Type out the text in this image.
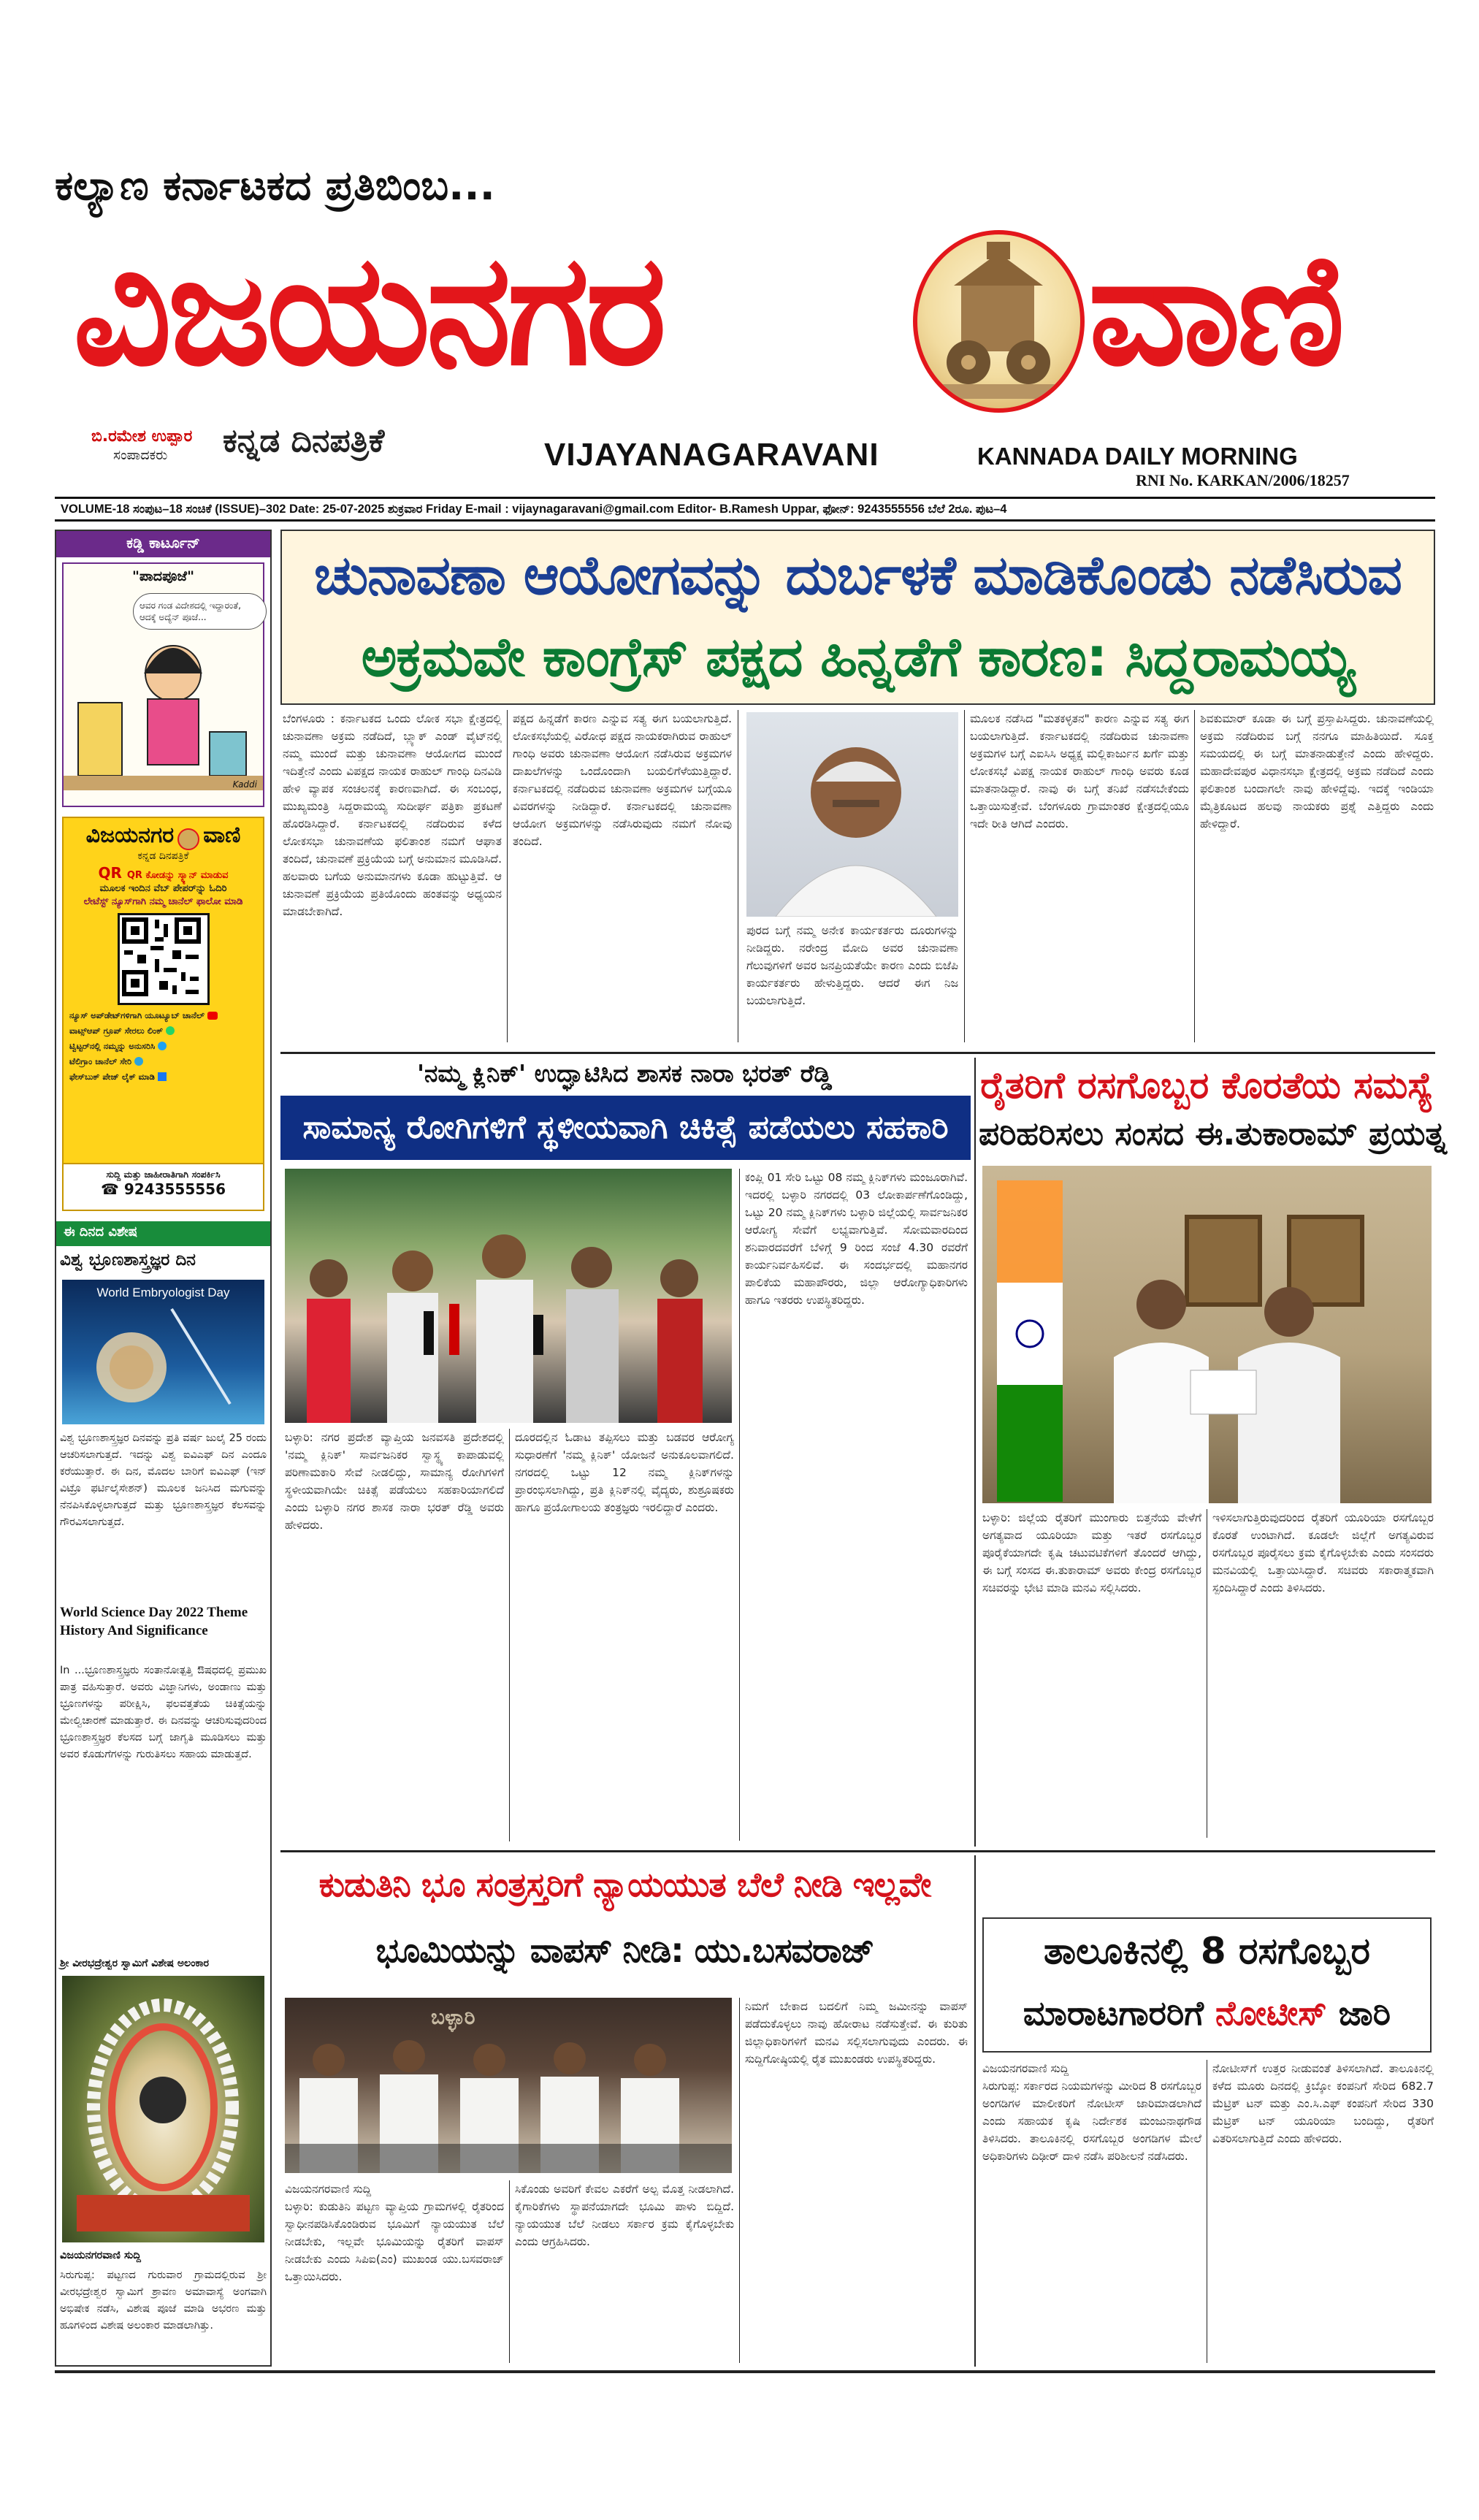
ಕಲ್ಯಾಣ ಕರ್ನಾಟಕದ ಪ್ರತಿಬಿಂಬ...
ವಿಜಯನಗರ	ವಾಣಿ
ಬಿ.ರಮೇಶ ಉಪ್ಪಾರ
ಸಂಪಾದಕರು ಕನ್ನಡ ದಿನಪತ್ರಿಕೆ	VIJAYANAGARAVANI	KANNADA DAILY MORNING
RNI No. KARKAN/2006/18257
VOLUME-18 ಸಂಪುಟ–18 ಸಂಚಿಕೆ (ISSUE)–302 Date: 25-07-2025 ಶುಕ್ರವಾರ Friday E-mail : vijaynagaravani@gmail.com Editor- B.Ramesh Uppar, ಫೋನ್: 9243555556 ಬೆಲೆ 2ರೂ. ಪುಟ–4
ಕಡ್ಡಿ ಕಾರ್ಟೂನ್
"ಪಾದಪೂಜೆ"
ಆವರ ಗಂಡ ವಿದೇಶದಲ್ಲಿ ಇದ್ದಾರಂತೆ, ಆದಕ್ಕೆ ಅದ್ಯೆನ್ ಪೂಜೆ...
Kaddi
ವಿಜಯನಗರ ವಾಣಿ
ಕನ್ನಡ ದಿನಪತ್ರಿಕೆ
QR QR ಕೋಡನ್ನು ಸ್ಕ್ಯಾನ್ ಮಾಡುವ
ಮೂಲಕ ಇಂದಿನ ವೆಬ್ ಪೇಪರ್‌ನ್ನು ಓದಿರಿ
ಲೇಟೆಸ್ಟ್ ನ್ಯೂಸ್‌ಗಾಗಿ ನಮ್ಮ ಚಾನೆಲ್ ಫಾಲೋ ಮಾಡಿ
ನ್ಯೂಸ್ ಅಪ್‌ಡೇಟ್‌ಗಳಿಗಾಗಿ ಯೂಟ್ಯೂಬ್ ಚಾನೆಲ್
ವಾಟ್ಸ್‌ಆಪ್ ಗ್ರೂಪ್ ಸೇರಲು ಲಿಂಕ್
ಟ್ವಿಟ್ಟರ್‌ನಲ್ಲಿ ನಮ್ಮನ್ನು ಅನುಸರಿಸಿ
ಟೆಲಿಗ್ರಾಂ ಚಾನೆಲ್ ಸೇರಿ
ಫೇಸ್‌ಬುಕ್ ಪೇಜ್ ಲೈಕ್ ಮಾಡಿ
ಸುದ್ದಿ ಮತ್ತು ಜಾಹೀರಾತಿಗಾಗಿ ಸಂಪರ್ಕಿಸಿ
☎ 9243555556
ಈ ದಿನದ ವಿಶೇಷ
ವಿಶ್ವ ಭ್ರೂಣಶಾಸ್ತ್ರಜ್ಞರ ದಿನ
World Embryologist Day
ವಿಶ್ವ ಭ್ರೂಣಶಾಸ್ತ್ರಜ್ಞರ ದಿನವನ್ನು ಪ್ರತಿ ವರ್ಷ ಜುಲೈ 25 ರಂದು ಆಚರಿಸಲಾಗುತ್ತದೆ. ಇದನ್ನು ವಿಶ್ವ ಐವಿಎಫ್ ದಿನ ಎಂದೂ ಕರೆಯುತ್ತಾರೆ. ಈ ದಿನ, ಮೊದಲ ಬಾರಿಗೆ ಐವಿಎಫ್ (ಇನ್ ವಿಟ್ರೊ ಫರ್ಟಿಲೈಸೇಶನ್) ಮೂಲಕ ಜನಿಸಿದ ಮಗುವನ್ನು ನೆನಪಿಸಿಕೊಳ್ಳಲಾಗುತ್ತದೆ ಮತ್ತು ಭ್ರೂಣಶಾಸ್ತ್ರಜ್ಞರ ಕೆಲಸವನ್ನು ಗೌರವಿಸಲಾಗುತ್ತದೆ.
World Science Day 2022 Theme History And Significance
In ...ಭ್ರೂಣಶಾಸ್ತ್ರಜ್ಞರು ಸಂತಾನೋತ್ಪತ್ತಿ ಔಷಧದಲ್ಲಿ ಪ್ರಮುಖ ಪಾತ್ರ ವಹಿಸುತ್ತಾರೆ. ಅವರು ವಿಜ್ಞಾನಿಗಳು, ಅಂಡಾಣು ಮತ್ತು ಭ್ರೂಣಗಳನ್ನು ಪರೀಕ್ಷಿಸಿ, ಫಲವತ್ತತೆಯ ಚಿಕಿತ್ಸೆಯನ್ನು ಮೇಲ್ವಿಚಾರಣೆ ಮಾಡುತ್ತಾರೆ. ಈ ದಿನವನ್ನು ಆಚರಿಸುವುದರಿಂದ ಭ್ರೂಣಶಾಸ್ತ್ರಜ್ಞರ ಕೆಲಸದ ಬಗ್ಗೆ ಜಾಗೃತಿ ಮೂಡಿಸಲು ಮತ್ತು ಅವರ ಕೊಡುಗೆಗಳನ್ನು ಗುರುತಿಸಲು ಸಹಾಯ ಮಾಡುತ್ತದೆ.
ಶ್ರೀ ವೀರಭದ್ರೇಶ್ವರ ಸ್ವಾಮಿಗೆ ವಿಶೇಷ ಅಲಂಕಾರ
ವಿಜಯನಗರವಾಣಿ ಸುದ್ದಿ
ಸಿರುಗುಪ್ಪ: ಪಟ್ಟಣದ ಗುರುವಾರ ಗ್ರಾಮದಲ್ಲಿರುವ ಶ್ರೀ ವೀರಭದ್ರೇಶ್ವರ ಸ್ವಾಮಿಗೆ ಶ್ರಾವಣ ಅಮಾವಾಸ್ಯೆ ಅಂಗವಾಗಿ ಅಭಿಷೇಕ ನಡೆಸಿ, ವಿಶೇಷ ಪೂಜೆ ಮಾಡಿ ಅಭರಣ ಮತ್ತು ಹೂಗಳಿಂದ ವಿಶೇಷ ಅಲಂಕಾರ ಮಾಡಲಾಗಿತ್ತು.
ಚುನಾವಣಾ ಆಯೋಗವನ್ನು ದುರ್ಬಳಕೆ ಮಾಡಿಕೊಂಡು ನಡೆಸಿರುವ
ಅಕ್ರಮವೇ ಕಾಂಗ್ರೆಸ್ ಪಕ್ಷದ ಹಿನ್ನಡೆಗೆ ಕಾರಣ: ಸಿದ್ದರಾಮಯ್ಯ
ಬೆಂಗಳೂರು : ಕರ್ನಾಟಕದ ಒಂದು ಲೋಕ ಸಭಾ ಕ್ಷೇತ್ರದಲ್ಲಿ ಚುನಾವಣಾ ಅಕ್ರಮ ನಡೆದಿದೆ, ಬ್ಲ್ಯಾಕ್ ಎಂಡ್ ವೈಟ್‌ನಲ್ಲಿ ನಮ್ಮ ಮುಂದೆ ಮತ್ತು ಚುನಾವಣಾ ಆಯೋಗದ ಮುಂದೆ ಇದಿತ್ತೇನೆ ಎಂದು ವಿಪಕ್ಷದ ನಾಯಕ ರಾಹುಲ್ ಗಾಂಧಿ ದಿನವಿಡಿ ಹೇಳಿ ವ್ಯಾಪಕ ಸಂಚಲನಕ್ಕೆ ಕಾರಣವಾಗಿದೆ. ಈ ಸಂಬಂಧ, ಮುಖ್ಯಮಂತ್ರಿ ಸಿದ್ದರಾಮಯ್ಯ ಸುದೀರ್ಘ ಪತ್ರಿಕಾ ಪ್ರಕಟಣೆ ಹೊರಡಿಸಿದ್ದಾರೆ. ಕರ್ನಾಟಕದಲ್ಲಿ ನಡೆದಿರುವ ಕಳೆದ ಲೋಕಸಭಾ ಚುನಾವಣೆಯ ಫಲಿತಾಂಶ ನಮಗೆ ಆಘಾತ ತಂದಿದೆ, ಚುನಾವಣೆ ಪ್ರಕ್ರಿಯೆಯ ಬಗ್ಗೆ ಅನುಮಾನ ಮೂಡಿಸಿದೆ. ಹಲವಾರು ಬಗೆಯ ಅನುಮಾನಗಳು ಕೂಡಾ ಹುಟ್ಟುತ್ತಿವೆ. ಆ ಚುನಾವಣೆ ಪ್ರಕ್ರಿಯೆಯ ಪ್ರತಿಯೊಂದು ಹಂತವನ್ನು ಅಧ್ಯಯನ ಮಾಡಬೇಕಾಗಿದೆ.
ಪಕ್ಷದ ಹಿನ್ನಡೆಗೆ ಕಾರಣ ಎನ್ನುವ ಸತ್ಯ ಈಗ ಬಯಲಾಗುತ್ತಿದೆ. ಲೋಕಸಭೆಯಲ್ಲಿ ವಿರೋಧ ಪಕ್ಷದ ನಾಯಕರಾಗಿರುವ ರಾಹುಲ್ ಗಾಂಧಿ ಅವರು ಚುನಾವಣಾ ಆಯೋಗ ನಡೆಸಿರುವ ಅಕ್ರಮಗಳ ದಾಖಲೆಗಳನ್ನು ಒಂದೊಂದಾಗಿ ಬಯಲಿಗೆಳೆಯುತ್ತಿದ್ದಾರೆ. ಕರ್ನಾಟಕದಲ್ಲಿ ನಡೆದಿರುವ ಚುನಾವಣಾ ಅಕ್ರಮಗಳ ಬಗ್ಗೆಯೂ ವಿವರಗಳನ್ನು ನೀಡಿದ್ದಾರೆ. ಕರ್ನಾಟಕದಲ್ಲಿ ಚುನಾವಣಾ ಆಯೋಗ ಅಕ್ರಮಗಳನ್ನು ನಡೆಸಿರುವುದು ನಮಗೆ ನೋವು ತಂದಿದೆ.
ಪುರದ ಬಗ್ಗೆ ನಮ್ಮ ಅನೇಕ ಕಾರ್ಯಕರ್ತರು ದೂರುಗಳನ್ನು ನೀಡಿದ್ದರು. ನರೇಂದ್ರ ಮೋದಿ ಅವರ ಚುನಾವಣಾ ಗೆಲುವುಗಳಿಗೆ ಅವರ ಜನಪ್ರಿಯತೆಯೇ ಕಾರಣ ಎಂದು ಬಿಜೆಪಿ ಕಾರ್ಯಕರ್ತರು ಹೇಳುತ್ತಿದ್ದರು. ಆದರೆ ಈಗ ನಿಜ ಬಯಲಾಗುತ್ತಿದೆ.
ಮೂಲಕ ನಡೆಸಿದ "ಮತಕಳ್ಳತನ" ಕಾರಣ ಎನ್ನುವ ಸತ್ಯ ಈಗ ಬಯಲಾಗುತ್ತಿದೆ. ಕರ್ನಾಟಕದಲ್ಲಿ ನಡೆದಿರುವ ಚುನಾವಣಾ ಅಕ್ರಮಗಳ ಬಗ್ಗೆ ಎಐಸಿಸಿ ಅಧ್ಯಕ್ಷ ಮಲ್ಲಿಕಾರ್ಜುನ ಖರ್ಗೆ ಮತ್ತು ಲೋಕಸಭೆ ವಿಪಕ್ಷ ನಾಯಕ ರಾಹುಲ್ ಗಾಂಧಿ ಅವರು ಕೂಡ ಮಾತನಾಡಿದ್ದಾರೆ. ನಾವು ಈ ಬಗ್ಗೆ ತನಿಖೆ ನಡೆಸಬೇಕೆಂದು ಒತ್ತಾಯಿಸುತ್ತೇವೆ. ಬೆಂಗಳೂರು ಗ್ರಾಮಾಂತರ ಕ್ಷೇತ್ರದಲ್ಲಿಯೂ ಇದೇ ರೀತಿ ಆಗಿದೆ ಎಂದರು.
ಶಿವಕುಮಾರ್ ಕೂಡಾ ಈ ಬಗ್ಗೆ ಪ್ರಸ್ತಾಪಿಸಿದ್ದರು. ಚುನಾವಣೆಯಲ್ಲಿ ಅಕ್ರಮ ನಡೆದಿರುವ ಬಗ್ಗೆ ನನಗೂ ಮಾಹಿತಿಯಿದೆ. ಸೂಕ್ತ ಸಮಯದಲ್ಲಿ ಈ ಬಗ್ಗೆ ಮಾತನಾಡುತ್ತೇನೆ ಎಂದು ಹೇಳಿದ್ದರು. ಮಹಾದೇವಪುರ ವಿಧಾನಸಭಾ ಕ್ಷೇತ್ರದಲ್ಲಿ ಅಕ್ರಮ ನಡೆದಿದೆ ಎಂದು ಫಲಿತಾಂಶ ಬಂದಾಗಲೇ ನಾವು ಹೇಳಿದ್ದೆವು. ಇದಕ್ಕೆ ಇಂಡಿಯಾ ಮೈತ್ರಿಕೂಟದ ಹಲವು ನಾಯಕರು ಪ್ರಶ್ನೆ ಎತ್ತಿದ್ದರು ಎಂದು ಹೇಳಿದ್ದಾರೆ.
'ನಮ್ಮ ಕ್ಲಿನಿಕ್' ಉದ್ಘಾಟಿಸಿದ ಶಾಸಕ ನಾರಾ ಭರತ್ ರೆಡ್ಡಿ
ಸಾಮಾನ್ಯ ರೋಗಿಗಳಿಗೆ ಸ್ಥಳೀಯವಾಗಿ ಚಿಕಿತ್ಸೆ ಪಡೆಯಲು ಸಹಕಾರಿ
ಬಳ್ಳಾರಿ: ನಗರ ಪ್ರದೇಶ ವ್ಯಾಪ್ತಿಯ ಜನವಸತಿ ಪ್ರದೇಶದಲ್ಲಿ 'ನಮ್ಮ ಕ್ಲಿನಿಕ್' ಸಾರ್ವಜನಿಕರ ಸ್ವಾಸ್ಥ್ಯ ಕಾಪಾಡುವಲ್ಲಿ ಪರಿಣಾಮಕಾರಿ ಸೇವೆ ನೀಡಲಿದ್ದು, ಸಾಮಾನ್ಯ ರೋಗಿಗಳಿಗೆ ಸ್ಥಳೀಯವಾಗಿಯೇ ಚಿಕಿತ್ಸೆ ಪಡೆಯಲು ಸಹಕಾರಿಯಾಗಲಿದೆ ಎಂದು ಬಳ್ಳಾರಿ ನಗರ ಶಾಸಕ ನಾರಾ ಭರತ್ ರೆಡ್ಡಿ ಅವರು ಹೇಳಿದರು.
ದೂರದಲ್ಲಿನ ಓಡಾಟ ತಪ್ಪಿಸಲು ಮತ್ತು ಬಡವರ ಆರೋಗ್ಯ ಸುಧಾರಣೆಗೆ 'ನಮ್ಮ ಕ್ಲಿನಿಕ್' ಯೋಜನೆ ಅನುಕೂಲವಾಗಲಿದೆ. ನಗರದಲ್ಲಿ ಒಟ್ಟು 12 ನಮ್ಮ ಕ್ಲಿನಿಕ್‌ಗಳನ್ನು ಪ್ರಾರಂಭಿಸಲಾಗಿದ್ದು, ಪ್ರತಿ ಕ್ಲಿನಿಕ್‌ನಲ್ಲಿ ವೈದ್ಯರು, ಶುಶ್ರೂಷಕರು ಹಾಗೂ ಪ್ರಯೋಗಾಲಯ ತಂತ್ರಜ್ಞರು ಇರಲಿದ್ದಾರೆ ಎಂದರು.
ಕಂಪ್ಲಿ 01 ಸೇರಿ ಒಟ್ಟು 08 ನಮ್ಮ ಕ್ಲಿನಿಕ್‌ಗಳು ಮಂಜೂರಾಗಿವೆ. ಇದರಲ್ಲಿ ಬಳ್ಳಾರಿ ನಗರದಲ್ಲಿ 03 ಲೋಕಾರ್ಪಣೆಗೊಂಡಿದ್ದು, ಒಟ್ಟು 20 ನಮ್ಮ ಕ್ಲಿನಿಕ್‌ಗಳು ಬಳ್ಳಾರಿ ಜಿಲ್ಲೆಯಲ್ಲಿ ಸಾರ್ವಜನಿಕರ ಆರೋಗ್ಯ ಸೇವೆಗೆ ಲಭ್ಯವಾಗುತ್ತಿವೆ. ಸೋಮವಾರದಿಂದ ಶನಿವಾರದವರೆಗೆ ಬೆಳಿಗ್ಗೆ 9 ರಿಂದ ಸಂಜೆ 4.30 ರವರೆಗೆ ಕಾರ್ಯನಿರ್ವಹಿಸಲಿವೆ. ಈ ಸಂದರ್ಭದಲ್ಲಿ ಮಹಾನಗರ ಪಾಲಿಕೆಯ ಮಹಾಪೌರರು, ಜಿಲ್ಲಾ ಆರೋಗ್ಯಾಧಿಕಾರಿಗಳು ಹಾಗೂ ಇತರರು ಉಪಸ್ಥಿತರಿದ್ದರು.
ರೈತರಿಗೆ ರಸಗೊಬ್ಬರ ಕೊರತೆಯ ಸಮಸ್ಯೆ
ಪರಿಹರಿಸಲು ಸಂಸದ ಈ.ತುಕಾರಾಮ್ ಪ್ರಯತ್ನ
ಬಳ್ಳಾರಿ: ಜಿಲ್ಲೆಯ ರೈತರಿಗೆ ಮುಂಗಾರು ಬಿತ್ತನೆಯ ವೇಳೆಗೆ ಅಗತ್ಯವಾದ ಯೂರಿಯಾ ಮತ್ತು ಇತರೆ ರಸಗೊಬ್ಬರ ಪೂರೈಕೆಯಾಗದೇ ಕೃಷಿ ಚಟುವಟಿಕೆಗಳಿಗೆ ತೊಂದರೆ ಆಗಿದ್ದು, ಈ ಬಗ್ಗೆ ಸಂಸದ ಈ.ತುಕಾರಾಮ್ ಅವರು ಕೇಂದ್ರ ರಸಗೊಬ್ಬರ ಸಚಿವರನ್ನು ಭೇಟಿ ಮಾಡಿ ಮನವಿ ಸಲ್ಲಿಸಿದರು.
ಇಳಿಸಲಾಗುತ್ತಿರುವುದರಿಂದ ರೈತರಿಗೆ ಯೂರಿಯಾ ರಸಗೊಬ್ಬರ ಕೊರತೆ ಉಂಟಾಗಿದೆ. ಕೂಡಲೇ ಜಿಲ್ಲೆಗೆ ಅಗತ್ಯವಿರುವ ರಸಗೊಬ್ಬರ ಪೂರೈಸಲು ಕ್ರಮ ಕೈಗೊಳ್ಳಬೇಕು ಎಂದು ಸಂಸದರು ಮನವಿಯಲ್ಲಿ ಒತ್ತಾಯಿಸಿದ್ದಾರೆ. ಸಚಿವರು ಸಕಾರಾತ್ಮಕವಾಗಿ ಸ್ಪಂದಿಸಿದ್ದಾರೆ ಎಂದು ತಿಳಿಸಿದರು.
ಕುಡುತಿನಿ ಭೂ ಸಂತ್ರಸ್ತರಿಗೆ ನ್ಯಾಯಯುತ ಬೆಲೆ ನೀಡಿ ಇಲ್ಲವೇ
ಭೂಮಿಯನ್ನು ವಾಪಸ್ ನೀಡಿ: ಯು.ಬಸವರಾಜ್
ಬಳ್ಳಾರಿ
ವಿಜಯನಗರವಾಣಿ ಸುದ್ದಿ
ಬಳ್ಳಾರಿ: ಕುಡುತಿನಿ ಪಟ್ಟಣ ವ್ಯಾಪ್ತಿಯ ಗ್ರಾಮಗಳಲ್ಲಿ ರೈತರಿಂದ ಸ್ವಾಧೀನಪಡಿಸಿಕೊಂಡಿರುವ ಭೂಮಿಗೆ ನ್ಯಾಯಯುತ ಬೆಲೆ ನೀಡಬೇಕು, ಇಲ್ಲವೇ ಭೂಮಿಯನ್ನು ರೈತರಿಗೆ ವಾಪಸ್ ನೀಡಬೇಕು ಎಂದು ಸಿಪಿಐ(ಎಂ) ಮುಖಂಡ ಯು.ಬಸವರಾಜ್ ಒತ್ತಾಯಿಸಿದರು.
ಸಿಕೊಂಡು ಅವರಿಗೆ ಕೇವಲ ಎಕರೆಗೆ ಅಲ್ಪ ಮೊತ್ತ ನೀಡಲಾಗಿದೆ. ಕೈಗಾರಿಕೆಗಳು ಸ್ಥಾಪನೆಯಾಗದೇ ಭೂಮಿ ಪಾಳು ಬಿದ್ದಿದೆ. ನ್ಯಾಯಯುತ ಬೆಲೆ ನೀಡಲು ಸರ್ಕಾರ ಕ್ರಮ ಕೈಗೊಳ್ಳಬೇಕು ಎಂದು ಆಗ್ರಹಿಸಿದರು.
ನಿಮಗೆ ಬೇಕಾದ ಬದಲಿಗೆ ನಿಮ್ಮ ಜಮೀನನ್ನು ವಾಪಸ್ ಪಡೆದುಕೊಳ್ಳಲು ನಾವು ಹೋರಾಟ ನಡೆಸುತ್ತೇವೆ. ಈ ಕುರಿತು ಜಿಲ್ಲಾಧಿಕಾರಿಗಳಿಗೆ ಮನವಿ ಸಲ್ಲಿಸಲಾಗುವುದು ಎಂದರು. ಈ ಸುದ್ದಿಗೋಷ್ಠಿಯಲ್ಲಿ ರೈತ ಮುಖಂಡರು ಉಪಸ್ಥಿತರಿದ್ದರು.
ತಾಲೂಕಿನಲ್ಲಿ 8 ರಸಗೊಬ್ಬರ
ಮಾರಾಟಗಾರರಿಗೆ ನೋಟೀಸ್ ಜಾರಿ
ವಿಜಯನಗರವಾಣಿ ಸುದ್ದಿ
ಸಿರುಗುಪ್ಪ: ಸರ್ಕಾರದ ನಿಯಮಗಳನ್ನು ಮೀರಿದ 8 ರಸಗೊಬ್ಬರ ಅಂಗಡಿಗಳ ಮಾಲೀಕರಿಗೆ ನೋಟೀಸ್ ಜಾರಿಮಾಡಲಾಗಿದೆ ಎಂದು ಸಹಾಯಕ ಕೃಷಿ ನಿರ್ದೇಶಕ ಮಂಜುನಾಥಗೌಡ ತಿಳಿಸಿದರು. ತಾಲೂಕಿನಲ್ಲಿ ರಸಗೊಬ್ಬರ ಅಂಗಡಿಗಳ ಮೇಲೆ ಅಧಿಕಾರಿಗಳು ದಿಢೀರ್ ದಾಳಿ ನಡೆಸಿ ಪರಿಶೀಲನೆ ನಡೆಸಿದರು.
ನೋಟೀಸ್‌ಗೆ ಉತ್ತರ ನೀಡುವಂತೆ ತಿಳಿಸಲಾಗಿದೆ. ತಾಲೂಕಿನಲ್ಲಿ ಕಳೆದ ಮೂರು ದಿನದಲ್ಲಿ ಕ್ರಿಬ್ಕೋ ಕಂಪನಿಗೆ ಸೇರಿದ 682.7 ಮೆಟ್ರಿಕ್ ಟನ್ ಮತ್ತು ಎಂ.ಸಿ.ಎಫ್ ಕಂಪನಿಗೆ ಸೇರಿದ 330 ಮೆಟ್ರಿಕ್ ಟನ್ ಯೂರಿಯಾ ಬಂದಿದ್ದು, ರೈತರಿಗೆ ವಿತರಿಸಲಾಗುತ್ತಿದೆ ಎಂದು ಹೇಳಿದರು.
